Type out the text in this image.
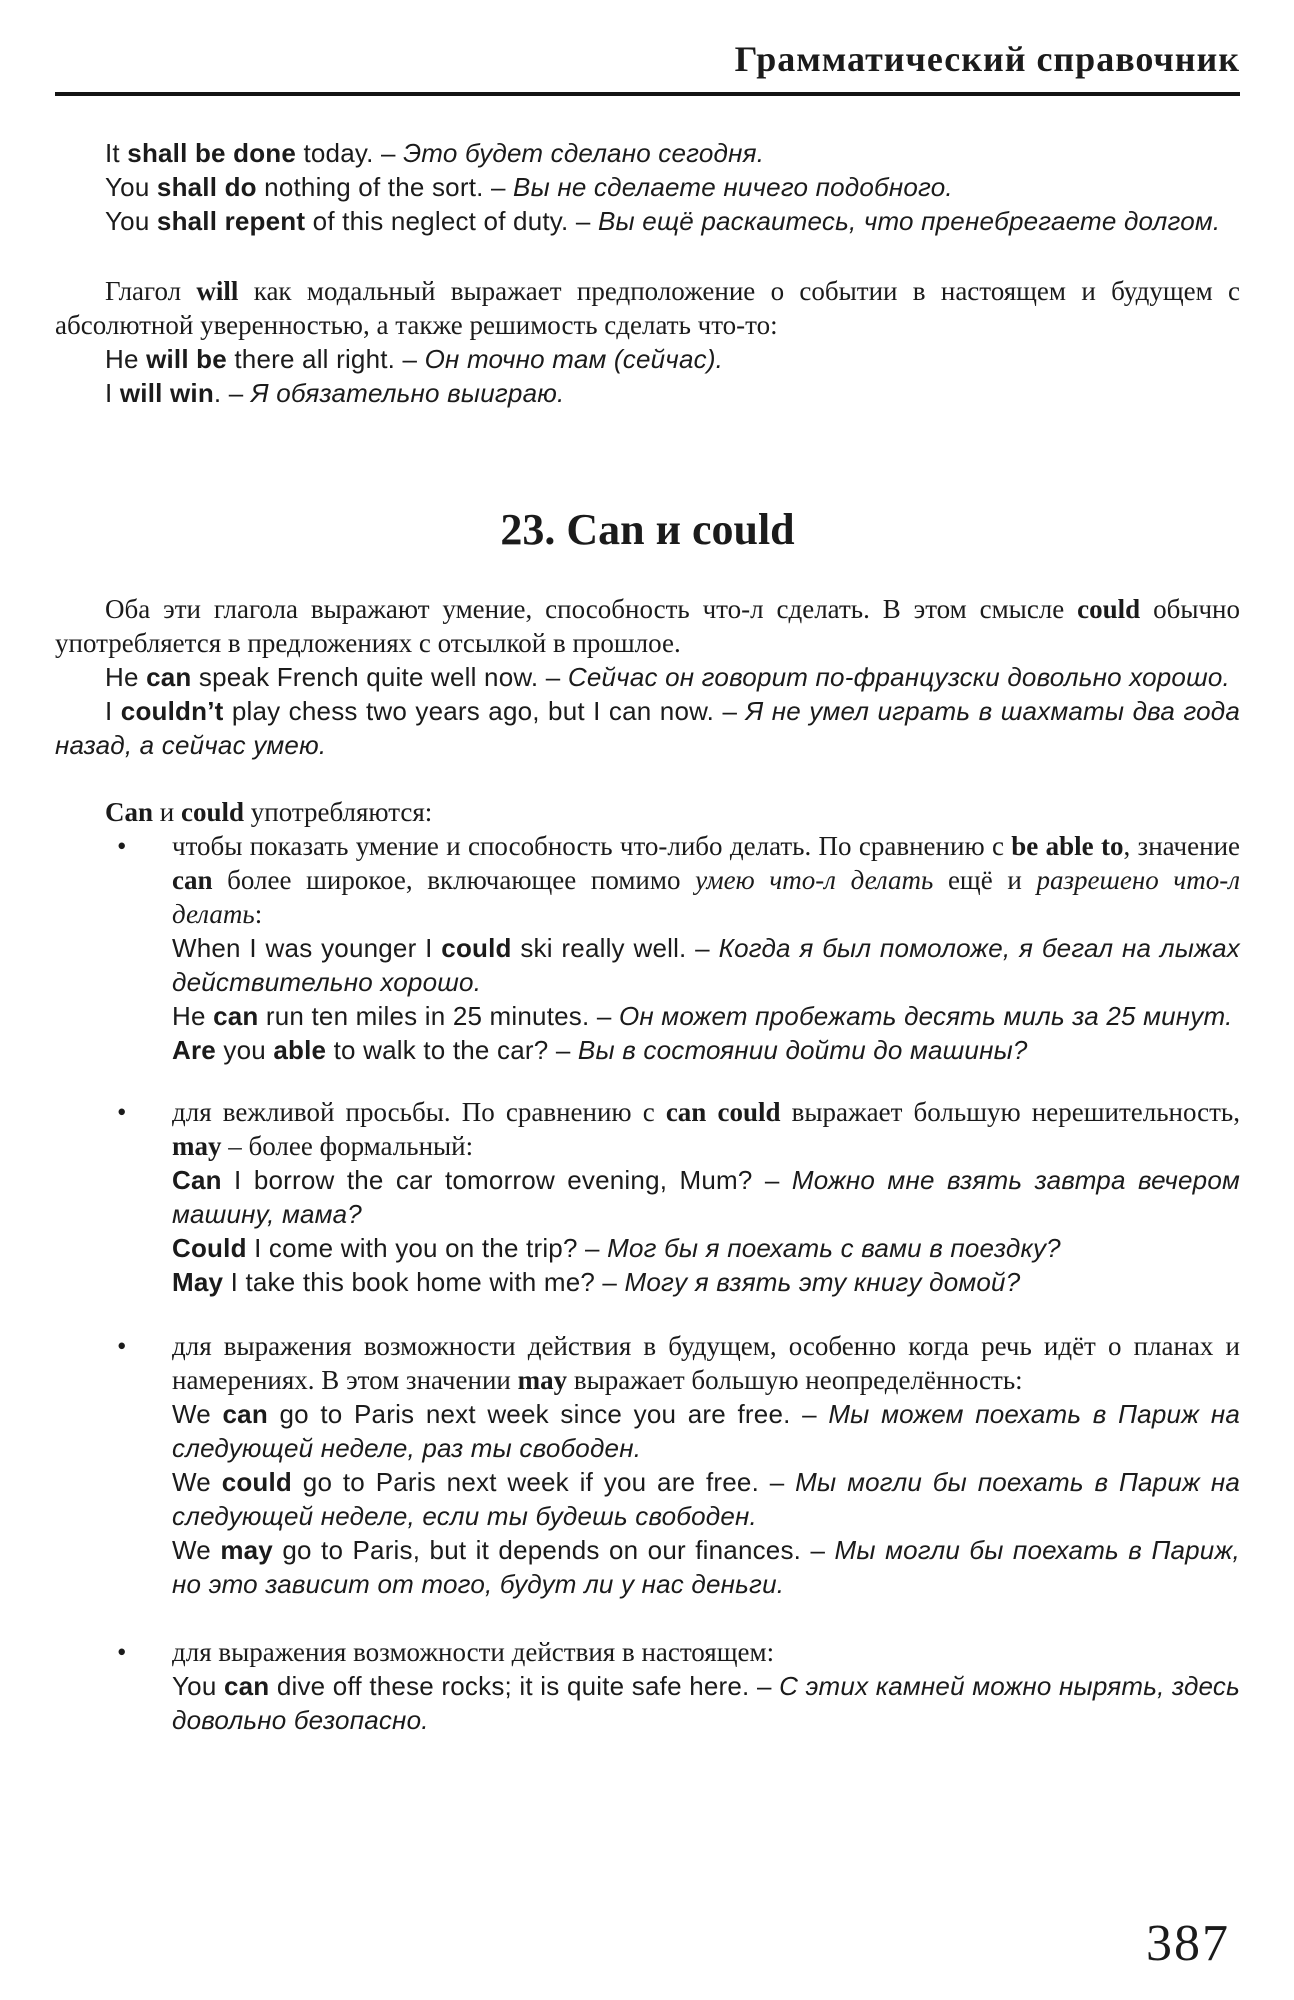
Грамматический справочник

It shall be done today. – Это будет сделано сегодня.

You shall do nothing of the sort. – Вы не сделаете ничего подобного.

You shall repent of this neglect of duty. – Вы ещё раскаитесь, что пренебрегаете долгом.

Глагол will как модальный выражает предположение о событии в настоящем и будущем с абсолютной уверенностью, а также решимость сделать что-то:

He will be there all right. – Он точно там (сейчас).

I will win. – Я обязательно выиграю.

23. Can и could

Оба эти глагола выражают умение, способность что-л сделать. В этом смысле could обычно употребляется в предложениях с отсылкой в прошлое.

He can speak French quite well now. – Сейчас он говорит по-французски довольно хорошо.

I couldn’t play chess two years ago, but I can now. – Я не умел играть в шахматы два года назад, а сейчас умею.

Can и could употребляются:

• чтобы показать умение и способность что-либо делать. По сравнению с be able to, значение can более широкое, включающее помимо умею что-л делать ещё и разрешено что-л делать:

When I was younger I could ski really well. – Когда я был помоложе, я бегал на лыжах действительно хорошо.

He can run ten miles in 25 minutes. – Он может пробежать десять миль за 25 минут.

Are you able to walk to the car? – Вы в состоянии дойти до машины?

• для вежливой просьбы. По сравнению с can could выражает большую нерешительность, may – более формальный:

Can I borrow the car tomorrow evening, Mum? – Можно мне взять завтра вечером машину, мама?

Could I come with you on the trip? – Мог бы я поехать с вами в поездку?

May I take this book home with me? – Могу я взять эту книгу домой?

• для выражения возможности действия в будущем, особенно когда речь идёт о планах и намерениях. В этом значении may выражает большую неопределённость:

We can go to Paris next week since you are free. – Мы можем поехать в Париж на следующей неделе, раз ты свободен.

We could go to Paris next week if you are free. – Мы могли бы поехать в Париж на следующей неделе, если ты будешь свободен.

We may go to Paris, but it depends on our finances. – Мы могли бы поехать в Париж, но это зависит от того, будут ли у нас деньги.

• для выражения возможности действия в настоящем:

You can dive off these rocks; it is quite safe here. – С этих камней можно нырять, здесь довольно безопасно.

387
